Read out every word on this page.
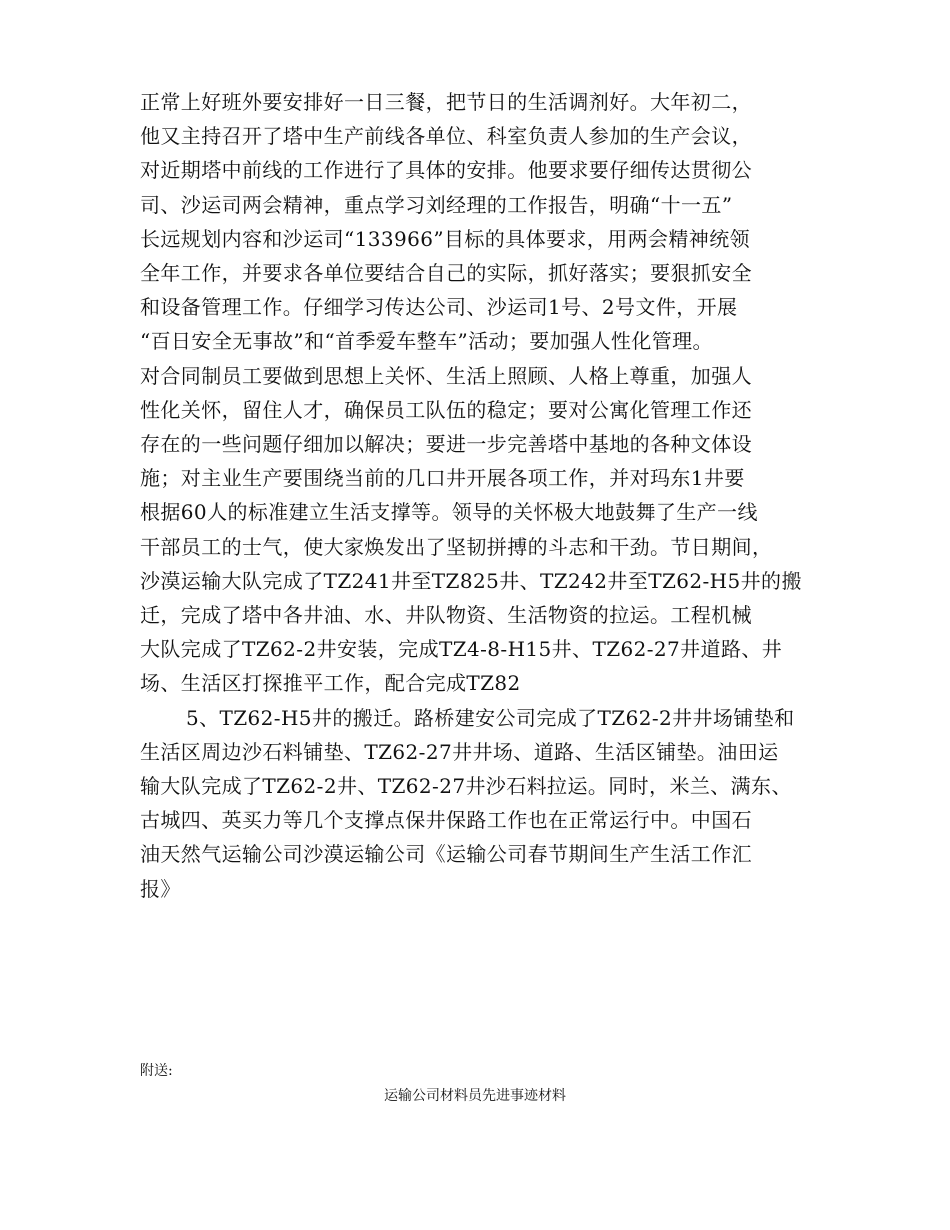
正常上好班外要安排好一日三餐，把节日的生活调剂好。大年初二，
他又主持召开了塔中生产前线各单位、科室负责人参加的生产会议，
对近期塔中前线的工作进行了具体的安排。他要求要仔细传达贯彻公
司、沙运司两会精神，重点学习刘经理的工作报告，明确“十一五”
长远规划内容和沙运司“133966”目标的具体要求，用两会精神统领
全年工作，并要求各单位要结合自己的实际，抓好落实；要狠抓安全
和设备管理工作。仔细学习传达公司、沙运司1号、2号文件，开展
“百日安全无事故”和“首季爱车整车”活动；要加强人性化管理。
对合同制员工要做到思想上关怀、生活上照顾、人格上尊重，加强人
性化关怀，留住人才，确保员工队伍的稳定；要对公寓化管理工作还
存在的一些问题仔细加以解决；要进一步完善塔中基地的各种文体设
施；对主业生产要围绕当前的几口井开展各项工作，并对玛东1井要
根据60人的标准建立生活支撑等。领导的关怀极大地鼓舞了生产一线
干部员工的士气，使大家焕发出了坚韧拼搏的斗志和干劲。节日期间，
沙漠运输大队完成了TZ241井至TZ825井、TZ242井至TZ62-H5井的搬
迁，完成了塔中各井油、水、井队物资、生活物资的拉运。工程机械
大队完成了TZ62-2井安装，完成TZ4-8-H15井、TZ62-27井道路、井
场、生活区打探推平工作，配合完成TZ82
5、TZ62-H5井的搬迁。路桥建安公司完成了TZ62-2井井场铺垫和
生活区周边沙石料铺垫、TZ62-27井井场、道路、生活区铺垫。油田运
输大队完成了TZ62-2井、TZ62-27井沙石料拉运。同时，米兰、满东、
古城四、英买力等几个支撑点保井保路工作也在正常运行中。中国石
油天然气运输公司沙漠运输公司《运输公司春节期间生产生活工作汇
报》
附送:
运输公司材料员先进事迹材料
